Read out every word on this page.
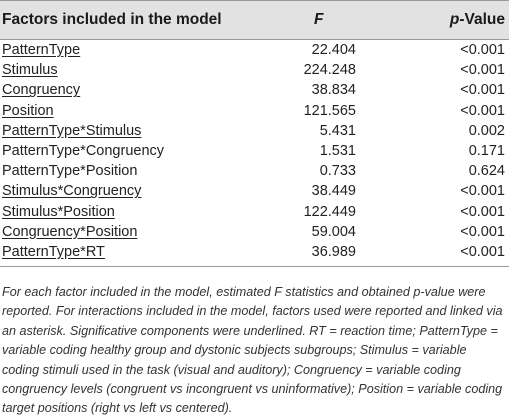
Factors included in the model	F	p-Value
PatternType	22.404	<0.001
Stimulus	224.248	<0.001
Congruency	38.834	<0.001
Position	121.565	<0.001
PatternType*Stimulus	5.431	0.002
PatternType*Congruency	1.531	0.171
PatternType*Position	0.733	0.624
Stimulus*Congruency	38.449	<0.001
Stimulus*Position	122.449	<0.001
Congruency*Position	59.004	<0.001
PatternType*RT	36.989	<0.001
For each factor included in the model, estimated F statistics and obtained p-value were reported. For interactions included in the model, factors used were reported and linked via an asterisk. Significative components were underlined. RT = reaction time; PatternType = variable coding healthy group and dystonic subjects subgroups; Stimulus = variable coding stimuli used in the task (visual and auditory); Congruency = variable coding congruency levels (congruent vs incongruent vs uninformative); Position = variable coding target positions (right vs left vs centered).
